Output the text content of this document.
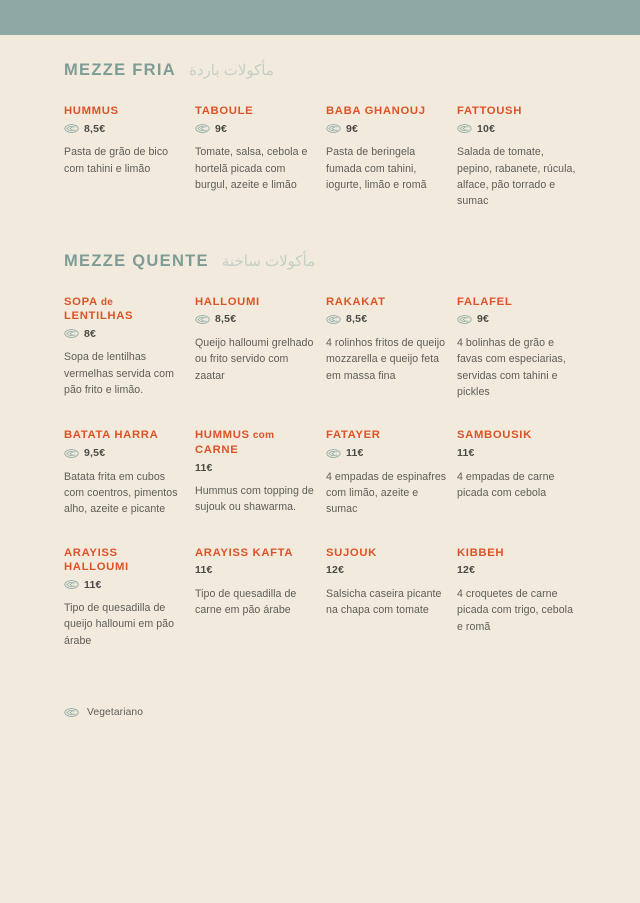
MEZZE FRIA مأكولات باردة
HUMMUS
8,5€
Pasta de grão de bico com tahini e limão
TABOULE
9€
Tomate, salsa, cebola e hortelã picada com burgul, azeite e limão
BABA GHANOUJ
9€
Pasta de beringela fumada com tahini, iogurte, limão e romã
FATTOUSH
10€
Salada de tomate, pepino, rabanete, rúcula, alface, pão torrado e sumac
MEZZE QUENTE مأكولات ساخنة
SOPA de
LENTILHAS
8€
Sopa de lentilhas vermelhas servida com pão frito e limão.
HALLOUMI
8,5€
Queijo halloumi grelhado ou frito servido com zaatar
RAKAKAT
8,5€
4 rolinhos fritos de queijo mozzarella e queijo feta em massa fina
FALAFEL
9€
4 bolinhas de grão e favas com especiarias, servidas com tahini e pickles
BATATA HARRA
9,5€
Batata frita em cubos com coentros, pimentos alho, azeite e picante
HUMMUS com
CARNE
11€
Hummus com topping de sujouk ou shawarma.
FATAYER
11€
4 empadas de espinafres com limão, azeite e sumac
SAMBOUSIK
11€
4 empadas de carne picada com cebola
ARAYISS
HALLOUMI
11€
Tipo de quesadilla de queijo halloumi em pão árabe
ARAYISS KAFTA
11€
Tipo de quesadilla de carne em pão árabe
SUJOUK
12€
Salsicha caseira picante na chapa com tomate
KIBBEH
12€
4 croquetes de carne picada com trigo, cebola e romã
Vegetariano
